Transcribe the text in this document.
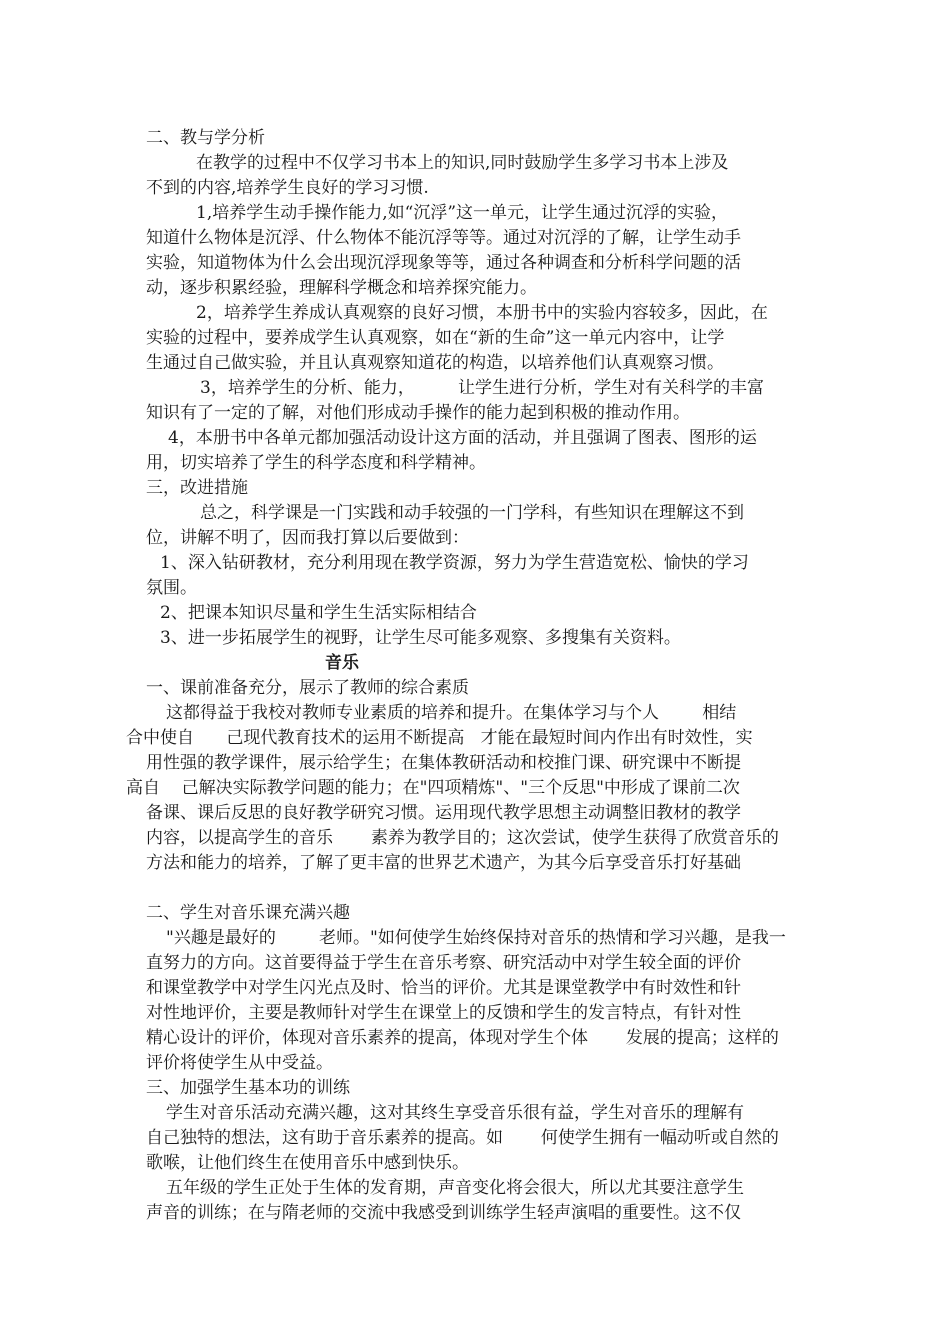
二、教与学分析
在教学的过程中不仅学习书本上的知识,同时鼓励学生多学习书本上涉及
不到的内容,培养学生良好的学习习惯.
1,培养学生动手操作能力,如“沉浮”这一单元，让学生通过沉浮的实验，
知道什么物体是沉浮、什么物体不能沉浮等等。通过对沉浮的了解，让学生动手
实验，知道物体为什么会出现沉浮现象等等，通过各种调查和分析科学问题的活
动，逐步积累经验，理解科学概念和培养探究能力。
2，培养学生养成认真观察的良好习惯，本册书中的实验内容较多，因此，在
实验的过程中，要养成学生认真观察，如在“新的生命”这一单元内容中，让学
生通过自己做实验，并且认真观察知道花的构造，以培养他们认真观察习惯。
3，培养学生的分析、能力，        让学生进行分析，学生对有关科学的丰富
知识有了一定的了解，对他们形成动手操作的能力起到积极的推动作用。
4，本册书中各单元都加强活动设计这方面的活动，并且强调了图表、图形的运
用，切实培养了学生的科学态度和科学精神。
三，改进措施
总之，科学课是一门实践和动手较强的一门学科，有些知识在理解这不到
位，讲解不明了，因而我打算以后要做到：
1、深入钻研教材，充分利用现在教学资源，努力为学生营造宽松、愉快的学习
氛围。
2、把课本知识尽量和学生生活实际相结合
3、进一步拓展学生的视野，让学生尽可能多观察、多搜集有关资料。
音乐
一、课前准备充分，展示了教师的综合素质
这都得益于我校对教师专业素质的培养和提升。在集体学习与个人        相结
合中使自      己现代教育技术的运用不断提高   才能在最短时间内作出有时效性，实
用性强的教学课件，展示给学生；在集体教研活动和校推门课、研究课中不断提
高自    己解决实际教学问题的能力；在"四项精炼"、"三个反思"中形成了课前二次
备课、课后反思的良好教学研究习惯。运用现代教学思想主动调整旧教材的教学
内容，以提高学生的音乐       素养为教学目的；这次尝试，使学生获得了欣赏音乐的
方法和能力的培养，了解了更丰富的世界艺术遗产，为其今后享受音乐打好基础
二、学生对音乐课充满兴趣
"兴趣是最好的        老师。"如何使学生始终保持对音乐的热情和学习兴趣，是我一
直努力的方向。这首要得益于学生在音乐考察、研究活动中对学生较全面的评价
和课堂教学中对学生闪光点及时、恰当的评价。尤其是课堂教学中有时效性和针
对性地评价，主要是教师针对学生在课堂上的反馈和学生的发言特点，有针对性
精心设计的评价，体现对音乐素养的提高，体现对学生个体       发展的提高；这样的
评价将使学生从中受益。
三、加强学生基本功的训练
学生对音乐活动充满兴趣，这对其终生享受音乐很有益，学生对音乐的理解有
自己独特的想法，这有助于音乐素养的提高。如       何使学生拥有一幅动听或自然的
歌喉，让他们终生在使用音乐中感到快乐。
五年级的学生正处于生体的发育期，声音变化将会很大，所以尤其要注意学生
声音的训练；在与隋老师的交流中我感受到训练学生轻声演唱的重要性。这不仅
